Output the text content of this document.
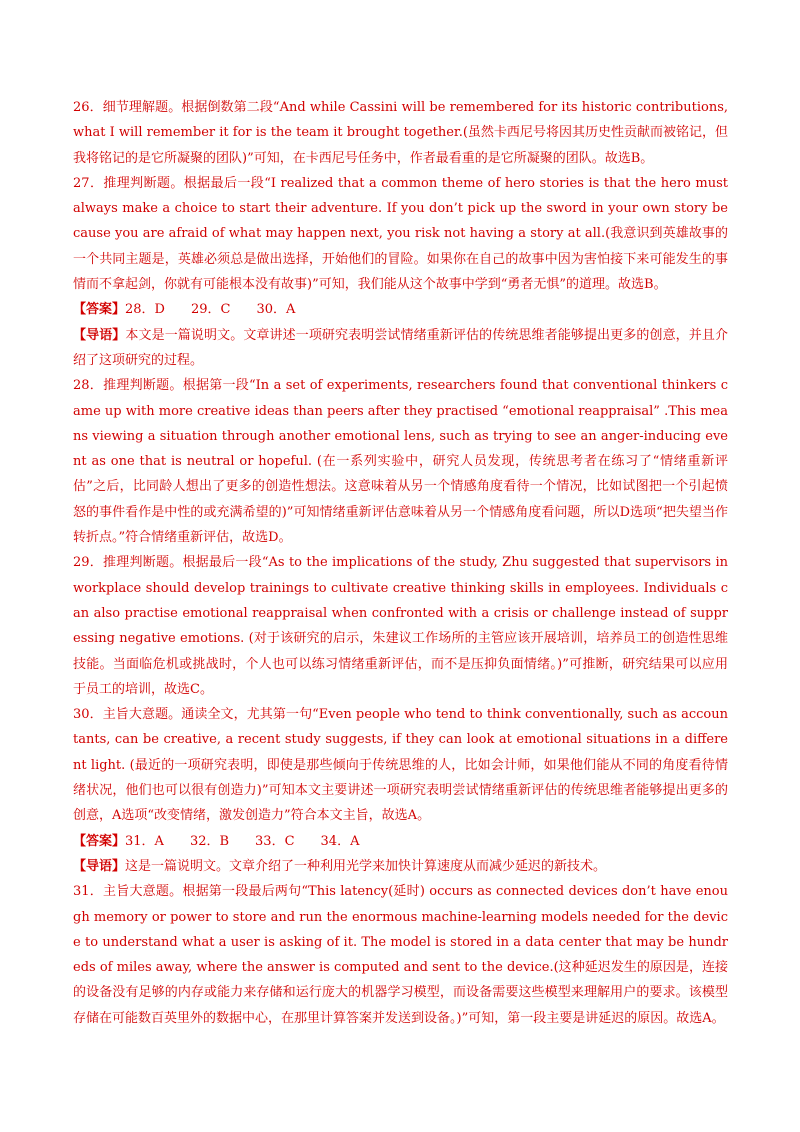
26．细节理解题。根据倒数第二段“And while Cassini will be remembered for its historic contributions, what I will remember it for is the team it brought together.(虽然卡西尼号将因其历史性贡献而被铭记，但我将铭记的是它所凝聚的团队)”可知，在卡西尼号任务中，作者最看重的是它所凝聚的团队。故选B。

27．推理判断题。根据最后一段“I realized that a common theme of hero stories is that the hero must always make a choice to start their adventure. If you don’t pick up the sword in your own story because you are afraid of what may happen next, you risk not having a story at all.(我意识到英雄故事的一个共同主题是，英雄必须总是做出选择，开始他们的冒险。如果你在自己的故事中因为害怕接下来可能发生的事情而不拿起剑，你就有可能根本没有故事)”可知，我们能从这个故事中学到“勇者无惧”的道理。故选B。

【答案】28．D　　29．C　　30．A

【导语】本文是一篇说明文。文章讲述一项研究表明尝试情绪重新评估的传统思维者能够提出更多的创意，并且介绍了这项研究的过程。

28．推理判断题。根据第一段“In a set of experiments, researchers found that conventional thinkers came up with more creative ideas than peers after they practised “emotional reappraisal” .This means viewing a situation through another emotional lens, such as trying to see an anger-inducing event as one that is neutral or hopeful. (在一系列实验中，研究人员发现，传统思考者在练习了“情绪重新评估”之后，比同龄人想出了更多的创造性想法。这意味着从另一个情感角度看待一个情况，比如试图把一个引起愤怒的事件看作是中性的或充满希望的)”可知情绪重新评估意味着从另一个情感角度看问题，所以D选项“把失望当作转折点。”符合情绪重新评估，故选D。

29．推理判断题。根据最后一段“As to the implications of the study, Zhu suggested that supervisors in workplace should develop trainings to cultivate creative thinking skills in employees. Individuals can also practise emotional reappraisal when confronted with a crisis or challenge instead of suppressing negative emotions. (对于该研究的启示，朱建议工作场所的主管应该开展培训，培养员工的创造性思维技能。当面临危机或挑战时，个人也可以练习情绪重新评估，而不是压抑负面情绪。)”可推断，研究结果可以应用于员工的培训，故选C。

30．主旨大意题。通读全文，尤其第一句“Even people who tend to think conventionally, such as accountants, can be creative, a recent study suggests, if they can look at emotional situations in a different light. (最近的一项研究表明，即使是那些倾向于传统思维的人，比如会计师，如果他们能从不同的角度看待情绪状况，他们也可以很有创造力)”可知本文主要讲述一项研究表明尝试情绪重新评估的传统思维者能够提出更多的创意，A选项“改变情绪，激发创造力”符合本文主旨，故选A。

【答案】31．A　　32．B　　33．C　　34．A

【导语】这是一篇说明文。文章介绍了一种利用光学来加快计算速度从而减少延迟的新技术。

31．主旨大意题。根据第一段最后两句“This latency(延时) occurs as connected devices don’t have enough memory or power to store and run the enormous machine-learning models needed for the device to understand what a user is asking of it. The model is stored in a data center that may be hundreds of miles away, where the answer is computed and sent to the device.(这种延迟发生的原因是，连接的设备没有足够的内存或能力来存储和运行庞大的机器学习模型，而设备需要这些模型来理解用户的要求。该模型存储在可能数百英里外的数据中心，在那里计算答案并发送到设备。)”可知，第一段主要是讲延迟的原因。故选A。
